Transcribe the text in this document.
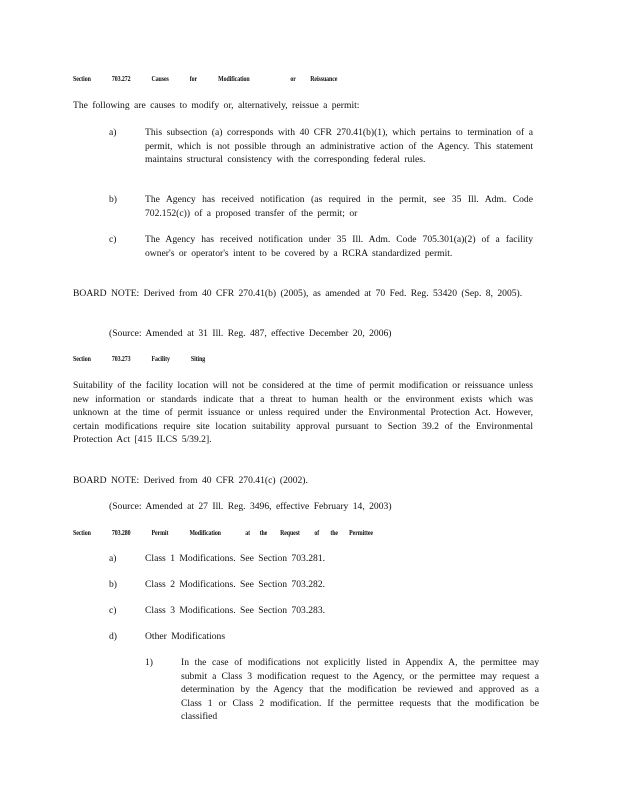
Section	703.272	Causes	for	Modification	or Reissuance
The following are causes to modify or, alternatively, reissue a permit:
a)	This subsection (a) corresponds with 40 CFR 270.41(b)(1), which pertains to termination of a permit, which is not possible through an administrative action of the Agency. This statement maintains structural consistency with the corresponding federal rules.
b)	The Agency has received notification (as required in the permit, see 35 Ill. Adm. Code 702.152(c)) of a proposed transfer of the permit; or
c)	The Agency has received notification under 35 Ill. Adm. Code 705.301(a)(2) of a facility owner's or operator's intent to be covered by a RCRA standardized permit.
BOARD NOTE: Derived from 40 CFR 270.41(b) (2005), as amended at 70 Fed. Reg. 53420 (Sep. 8, 2005).
(Source: Amended at 31 Ill. Reg. 487, effective December 20, 2006)
Section	703.273	Facility	Siting
Suitability of the facility location will not be considered at the time of permit modification or reissuance unless new information or standards indicate that a threat to human health or the environment exists which was unknown at the time of permit issuance or unless required under the Environmental Protection Act. However, certain modifications require site location suitability approval pursuant to Section 39.2 of the Environmental Protection Act [415 ILCS 5/39.2].
BOARD NOTE: Derived from 40 CFR 270.41(c) (2002).
(Source: Amended at 27 Ill. Reg. 3496, effective February 14, 2003)
Section	703.280	Permit	Modification	at the Request of the Permittee
a)	Class 1 Modifications. See Section 703.281.
b)	Class 2 Modifications. See Section 703.282.
c)	Class 3 Modifications. See Section 703.283.
d)	Other Modifications
1)	In the case of modifications not explicitly listed in Appendix A, the permittee may submit a Class 3 modification request to the Agency, or the permittee may request a determination by the Agency that the modification be reviewed and approved as a Class 1 or Class 2 modification. If the permittee requests that the modification be classified
